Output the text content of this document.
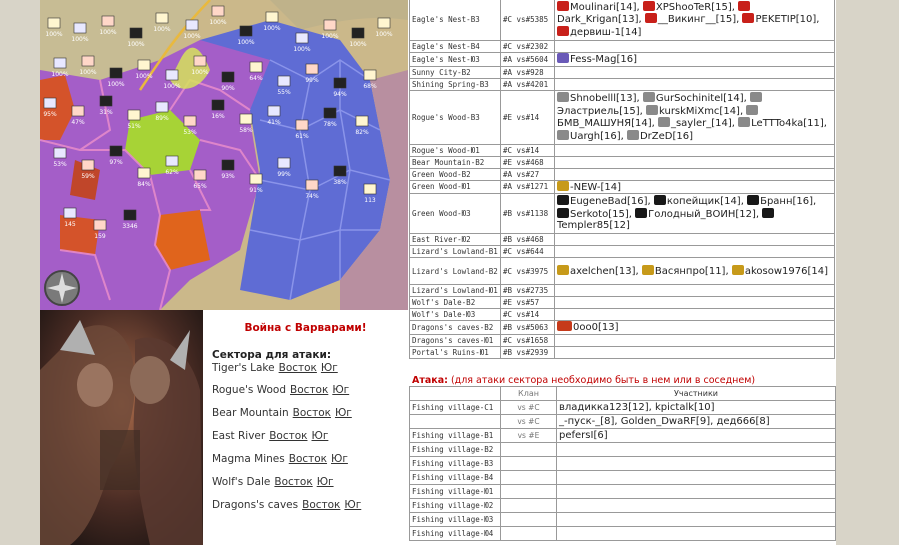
100%
100%
100%
100%
100%
100%
100%
100%
100%
100%
100%
100%
100%
100% 100%
100%
100%
100%
100%
90%
64%
55%
99%
94%
68%
95%
47%
31%
51%
89%
53%
16%
58%
41%
61%
78%
82%
53%
59%
97%
84%
62%
65%
93%
91%
99%
74%
38%
113
145
159
3346
Война с Варварами!
Сектора для атаки:
Tiger's Lake Восток Юг
Rogue's Wood Восток Юг
Bear Mountain Восток Юг
East River Восток Юг
Magma Mines Восток Юг
Wolf's Dale Восток Юг
Dragons's caves Восток Юг
Eagle's Nest-В3	#C vs#5385	Moulinari[14], XPShooTeR[15], Dark_Krigan[13], __Викинг__[15], PEKETIP[10], дервиш-1[14]
Eagle's Nest-В4	#C vs#2302	
Eagle's Nest-Ю3	#A vs#5604	Fess-Mag[16]
Sunny City-В2	#A vs#928	
Shining Spring-В3	#A vs#4201	
Rogue's Wood-В3	#E vs#14	Shnobelll[13], GurSochinitel[14], Эластриель[15], kurskMiXmc[14], БМВ_МАШУНЯ[14], _sayler_[14], LeTTTo4ka[11], Uargh[16], DrZeD[16]
Rogue's Wood-Ю1	#C vs#14	
Bear Mountain-В2	#E vs#468	
Green Wood-В2	#A vs#27	
Green Wood-Ю1	#A vs#1271	-NEW-[14]
Green Wood-Ю3	#B vs#1138	EugeneBad[16], копейщик[14], Бранн[16], Serkoto[15], Голодный_ВОИН[12], Templer85[12]
East River-Ю2	#B vs#468	
Lizard's Lowland-В1	#C vs#644	
Lizard's Lowland-В2	#C vs#3975	axelchen[13], Васянпро[11], akosow1976[14]
Lizard's Lowland-Ю1	#B vs#2735	
Wolf's Dale-В2	#E vs#57	
Wolf's Dale-Ю3	#C vs#14	
Dragons's caves-В2	#B vs#5063	0oo0[13]
Dragons's caves-Ю1	#C vs#1658	
Portal's Ruins-Ю1	#B vs#2939	
Атака: (для атаки сектора необходимо быть в нем или в соседнем)
	Клан	Участники
Fishing village-C1	vs #C	владикка123[12], kpictalk[10]
	vs #C	_-пуск-_[8], Golden_DwaRF[9], дед666[8]
Fishing village-В1	vs #E	pefersI[6]
Fishing village-В2		
Fishing village-В3		
Fishing village-В4		
Fishing village-Ю1		
Fishing village-Ю2		
Fishing village-Ю3		
Fishing village-Ю4		
